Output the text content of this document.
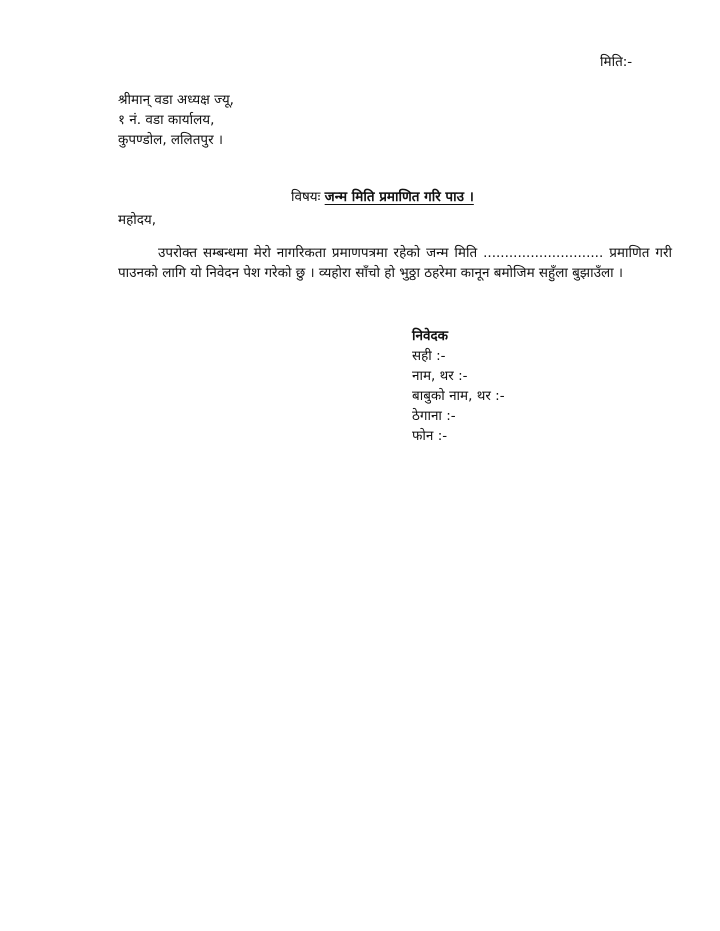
मिति:-
श्रीमान् वडा अध्यक्ष ज्यू,
१ नं. वडा कार्यालय,
कुपण्डोल, ललितपुर ।
विषयः जन्म मिति प्रमाणित गरि पाउ ।
महोदय,
उपरोक्त सम्बन्धमा मेरो नागरिकता प्रमाणपत्रमा रहेको जन्म मिति ............................ प्रमाणित गरी पाउनको लागि यो निवेदन पेश गरेको छु । व्यहोरा साँचो हो भुठ्ठा ठहरेमा कानून बमोजिम सहुँला बुझाउँला ।
निवेदक
सही :-
नाम, थर :-
बाबुको नाम, थर :-
ठेगाना :-
फोन :-
